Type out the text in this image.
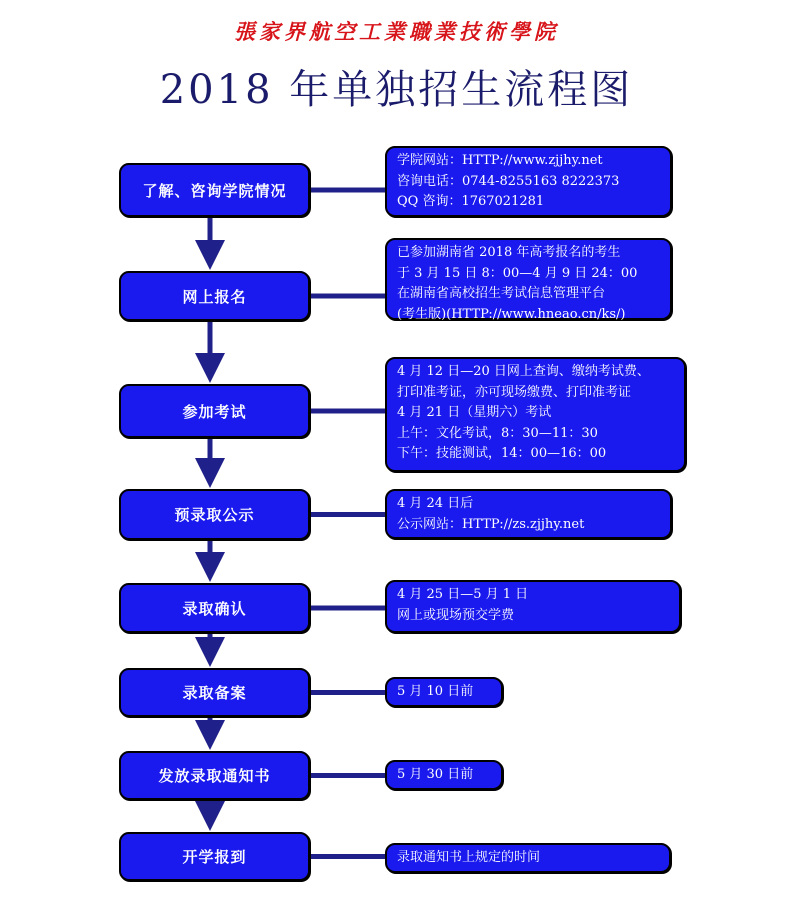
張家界航空工業職業技術學院
2018 年单独招生流程图
了解、咨询学院情况
学院网站：HTTP://www.zjjhy.net
咨询电话：0744-8255163 8222373
QQ 咨询：1767021281
网上报名
已参加湖南省 2018 年高考报名的考生
于 3 月 15 日 8：00—4 月 9 日 24：00
在湖南省高校招生考试信息管理平台
(考生版)(HTTP://www.hneao.cn/ks/)
填报我院单招志愿
参加考试
4 月 12 日—20 日网上查询、缴纳考试费、
打印准考证，亦可现场缴费、打印准考证
4 月 21 日（星期六）考试
上午：文化考试，8：30—11：30
下午：技能测试，14：00—16：00
预录取公示
4 月 24 日后
公示网站：HTTP://zs.zjjhy.net
录取确认
4 月 25 日—5 月 1 日
网上或现场预交学费
录取备案	5 月 10 日前
发放录取通知书	5 月 30 日前
开学报到	录取通知书上规定的时间
